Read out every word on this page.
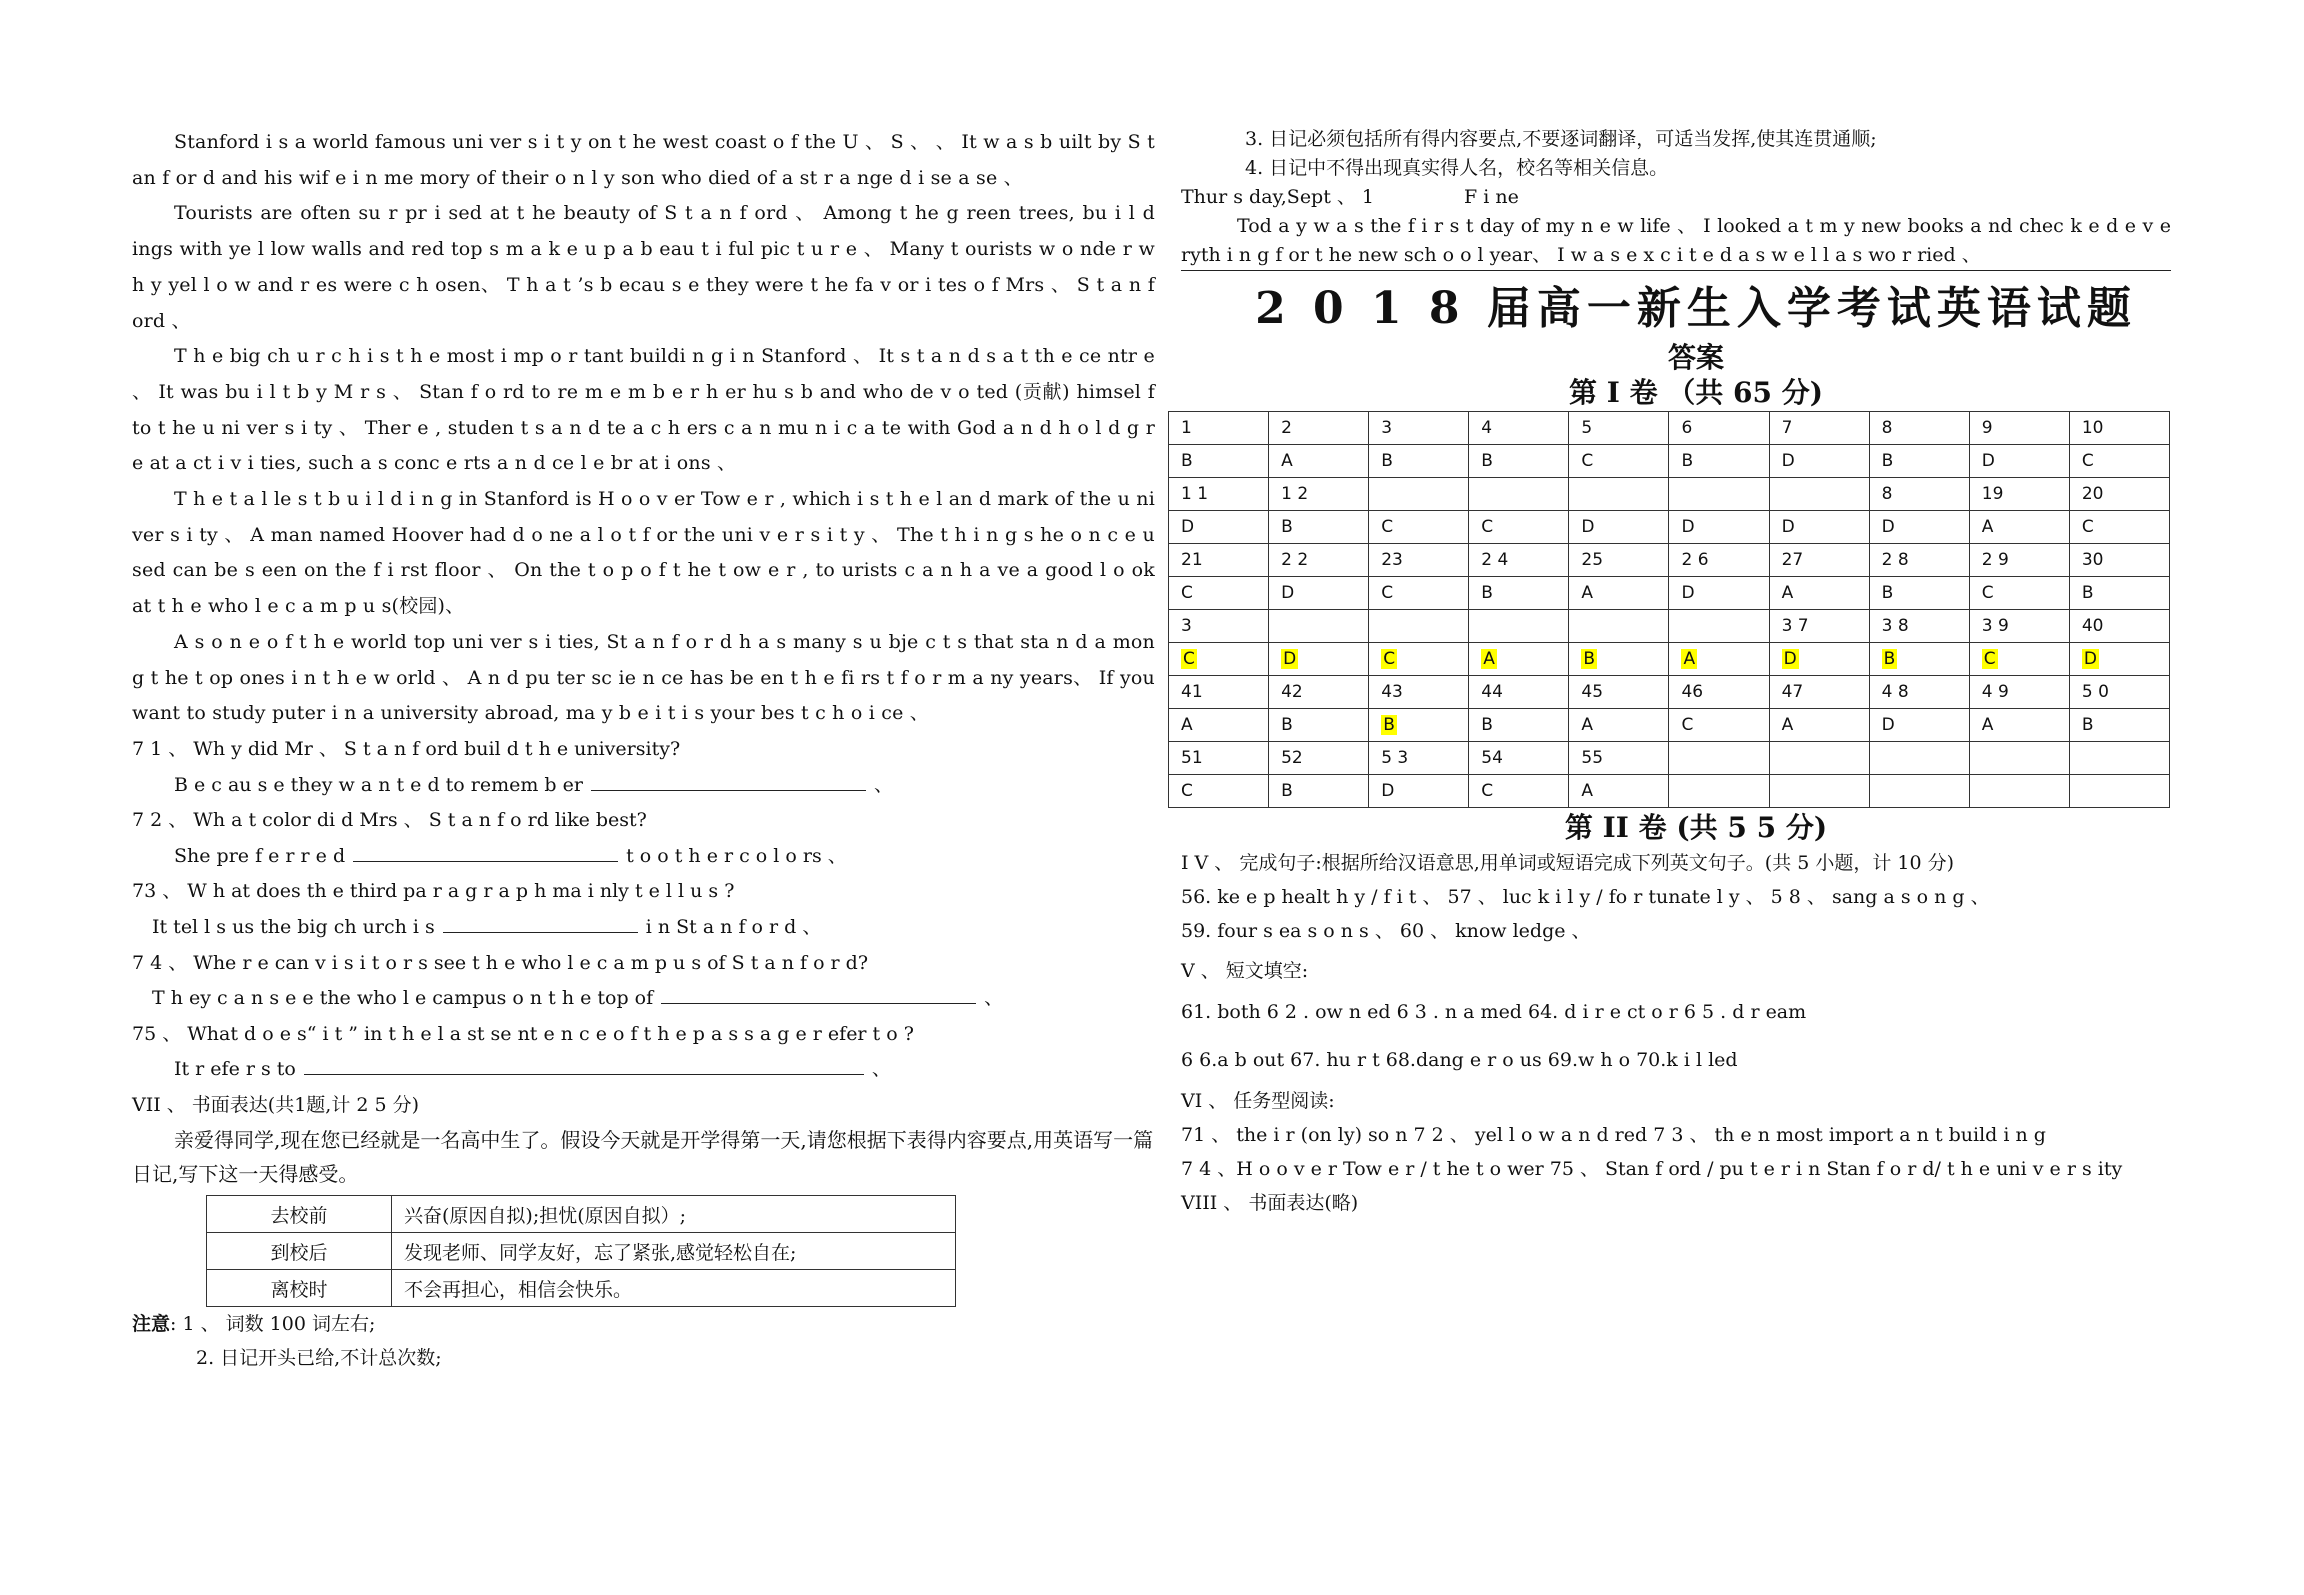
Stanford i s a world famous uni ver s i t y on t he west coast o f the U 、 S 、 、 It w a s b uilt by S t an f or d and his wif e i n me mory of their o n l y son who died of a st r a nge d i se a se 、

Tourists are often su r pr i sed at t he beauty of S t a n f ord 、 Among t he g reen trees, bu i l d ings with ye l low walls and red top s m a k e u p a b eau t i ful pic t u r e 、 Many t ourists w o nde r w h y yel l o w and r es were c h osen、 T h a t ’s b ecau s e they were t he fa v or i tes o f Mrs 、 S t a n f ord 、

T h e big ch u r c h i s t h e most i mp o r tant buildi n g i n Stanford 、 It s t a n d s a t th e ce ntr e 、 It was bu i l t b y M r s 、 Stan f o rd to re m e m b e r h er hu s b and who de v o ted (贡献) himsel f to t he u ni ver s i ty 、 Ther e , studen t s a n d te a c h ers c a n mu n i c a te with God a n d h o l d g r e at a ct i v i ties, such a s conc e rts a n d ce l e br at i ons 、

T h e t a l le s t b u i l d i n g in Stanford is H o o v er Tow e r , which i s t h e l an d mark of the u ni ver s i ty 、 A man named Hoover had d o ne a l o t f or the uni v e r s i t y 、 The t h i n g s he o n c e u sed can be s een on the f i rst floor 、 On the t o p o f t he t ow e r , to urists c a n h a ve a good l o ok at t h e who l e c a m p u s(校园)、

A s o n e o f t h e world top uni ver s i ties, St a n f o r d h a s many s u bje c t s that sta n d a mon g t he t op ones i n t h e w orld 、 A n d pu ter sc ie n ce has be en t h e fi rs t f o r m a ny years、 If you want to study puter i n a university abroad, ma y b e i t i s your bes t c h o i ce 、

7 1 、 Wh y did Mr 、 S t a n f ord buil d t h e university?

B e c au s e they w a n t e d to remem b er	、

7 2 、 Wh a t color di d Mrs 、 S t a n f o rd like best?

She pre f e r r e d	t o o t h e r c o l o rs 、

73 、 W h at does th e third pa r a g r a p h ma i nly t e l l u s ?

It tel l s us the big ch urch i s	i n St a n f o r d 、

7 4 、 Whe r e can v i s i t o r s see t h e who l e c a m p u s of S t a n f o r d?

T h ey c a n s e e the who l e campus o n t h e top of	、

75 、 What d o e s“ i t ” in t h e l a st se nt e n c e o f t h e p a s s a g e r efer t o ?

It r efe r s to	、

VII 、 书面表达(共1题,计 2 5 分)

亲爱得同学,现在您已经就是一名高中生了。假设今天就是开学得第一天,请您根据下表得内容要点,用英语写一篇日记,写下这一天得感受。

去校前	兴奋(原因自拟);担忧(原因自拟）;
到校后	发现老师、同学友好，忘了紧张,感觉轻松自在;
离校时	不会再担心，相信会快乐。

注意: 1 、 词数 100 词左右;

2. 日记开头已给,不计总次数;

3. 日记必须包括所有得内容要点,不要逐词翻译，可适当发挥,使其连贯通顺;

4. 日记中不得出现真实得人名，校名等相关信息。

Thur s day,Sept 、 1	F i ne

Tod a y w a s the f i r s t day of my n e w life 、 I looked a t m y new books a nd chec k e d e v e ryth i n g f or t he new sch o o l year、 I w a s e x c i t e d a s w e l l a s wo r ried 、

2 0 1 8 届高一新生入学考试英语试题

答案

第 I 卷 （共 65 分)

1	2	3	4	5	6	7	8	9	10
B	A	B	B	C	B	D	B	D	C
1 1	1 2						8	19	20
D	B	C	C	D	D	D	D	A	C
21	2 2	23	2 4	25	2 6	27	2 8	2 9	30
C	D	C	B	A	D	A	B	C	B
3						3 7	3 8	3 9	40
C	D	C	A	B	A	D	B	C	D
41	42	43	44	45	46	47	4 8	4 9	5 0
A	B	B	B	A	C	A	D	A	B
51	52	5 3	54	55					
C	B	D	C	A					

第 II 卷 (共 5 5 分)

I V 、 完成句子:根据所给汉语意思,用单词或短语完成下列英文句子。(共 5 小题，计 10 分)

56. ke e p healt h y / f i t 、 57 、 luc k i l y / fo r tunate l y 、 5 8 、 sang a s o n g 、

59. four s ea s o n s 、 60 、 know ledge 、

V 、 短文填空:

61. both 6 2 . ow n ed 6 3 . n a med 64. d i r e ct o r 6 5 . d r eam

6 6.a b out 67. hu r t 68.dang e r o us 69.w h o 70.k i l led

VI 、 任务型阅读:

71 、 the i r (on ly) so n 7 2 、 yel l o w a n d red 7 3 、 th e n most import a n t build i n g

7 4 、H o o v e r Tow e r / t he t o wer 75 、 Stan f ord / pu t e r i n Stan f o r d/ t h e uni v e r s ity

VIII 、 书面表达(略)
